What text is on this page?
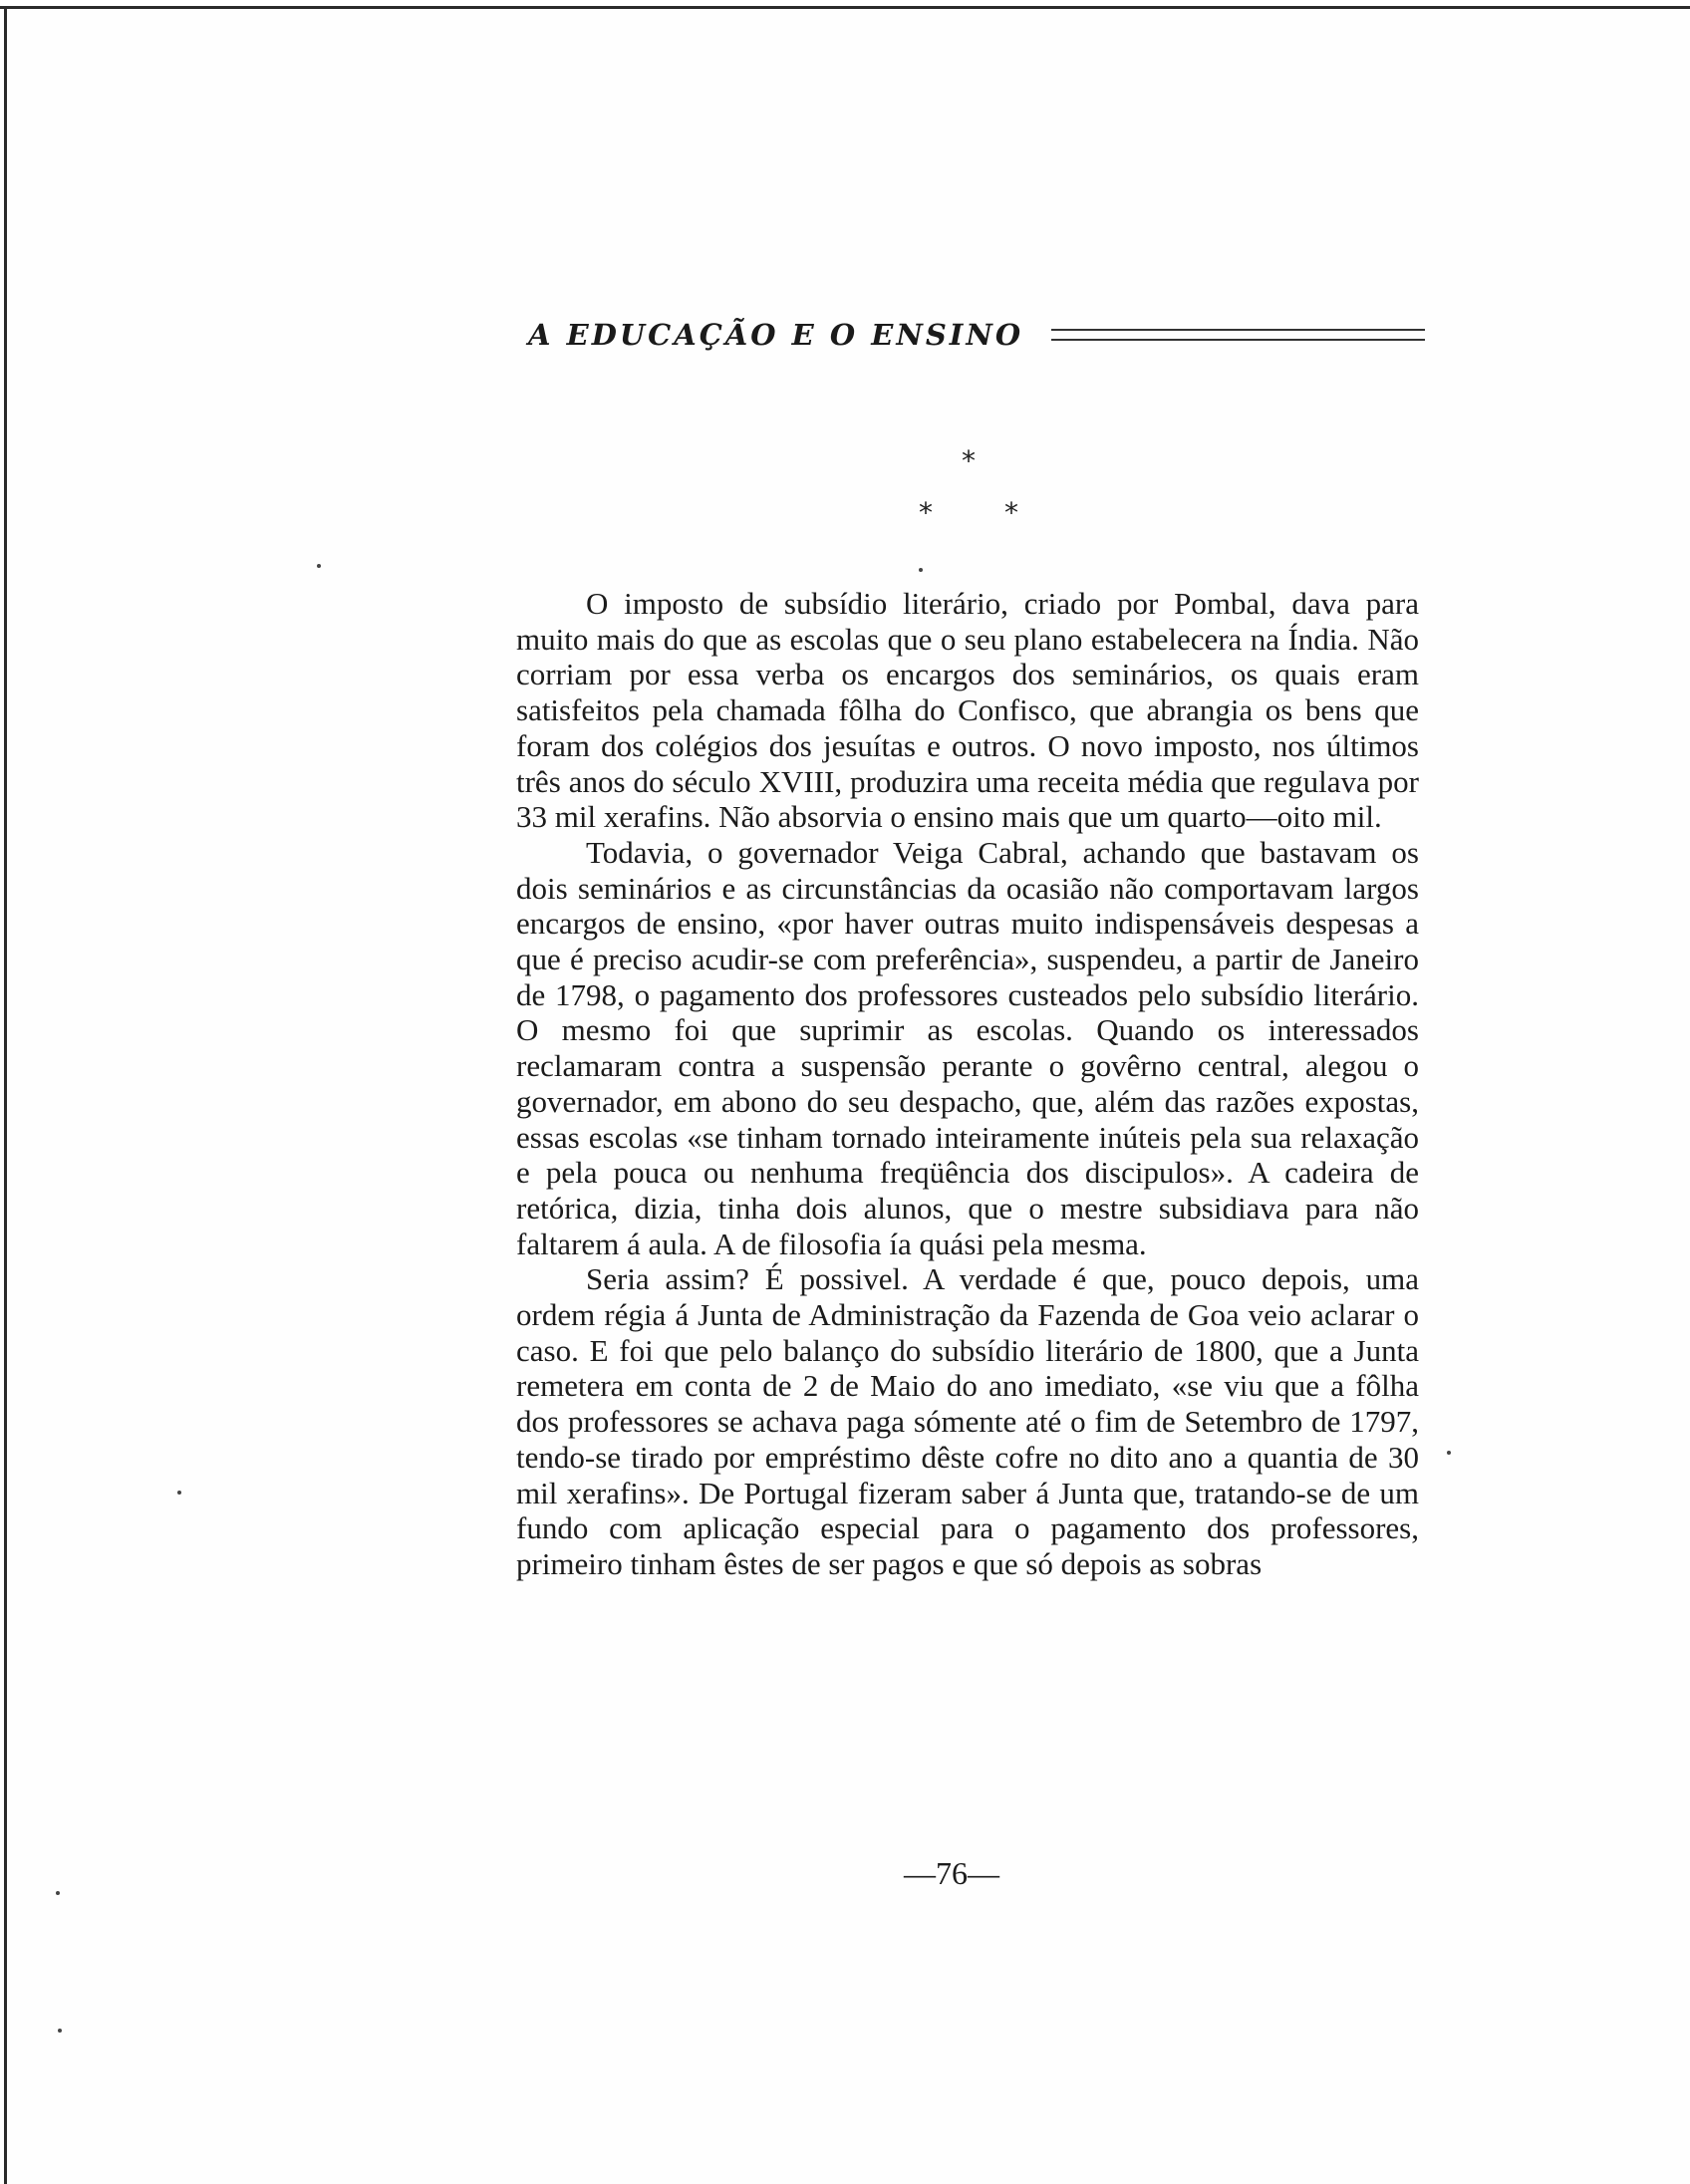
A EDUCAÇÃO E O ENSINO
*
*	*

O imposto de subsídio literário, criado por Pombal, dava para muito mais do que as escolas que o seu plano estabelecera na Índia. Não corriam por essa verba os encargos dos seminários, os quais eram satisfeitos pela chamada fôlha do Confisco, que abrangia os bens que foram dos colégios dos jesuítas e outros. O novo imposto, nos últimos três anos do século XVIII, produzira uma receita média que regulava por 33 mil xerafins. Não absorvia o ensino mais que um quarto—oito mil.

Todavia, o governador Veiga Cabral, achando que bastavam os dois seminários e as circunstâncias da ocasião não comportavam largos encargos de ensino, «por haver outras muito indispensáveis despesas a que é preciso acudir-se com preferência», suspendeu, a partir de Janeiro de 1798, o pagamento dos professores custeados pelo subsídio literário. O mesmo foi que suprimir as escolas. Quando os interessados reclamaram contra a suspensão perante o govêrno central, alegou o governador, em abono do seu despacho, que, além das razões expostas, essas escolas «se tinham tornado inteiramente inúteis pela sua relaxação e pela pouca ou nenhuma freqüência dos discipulos». A cadeira de retórica, dizia, tinha dois alunos, que o mestre subsidiava para não faltarem á aula. A de filosofia ía quási pela mesma.

Seria assim? É possivel. A verdade é que, pouco depois, uma ordem régia á Junta de Administração da Fazenda de Goa veio aclarar o caso. E foi que pelo balanço do subsídio literário de 1800, que a Junta remetera em conta de 2 de Maio do ano imediato, «se viu que a fôlha dos professores se achava paga sómente até o fim de Setembro de 1797, tendo-se tirado por empréstimo dêste cofre no dito ano a quantia de 30 mil xerafins». De Portugal fizeram saber á Junta que, tratando-se de um fundo com aplicação especial para o pagamento dos professores, primeiro tinham êstes de ser pagos e que só depois as sobras

—76—
